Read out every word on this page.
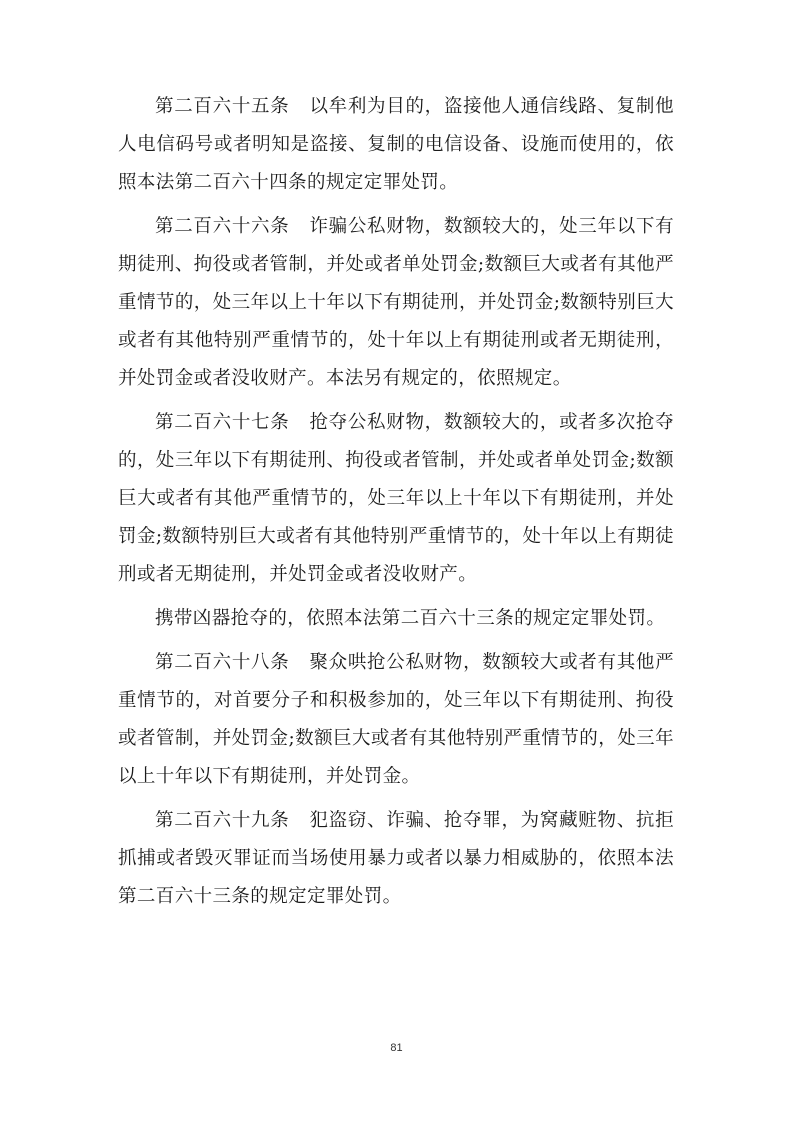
第二百六十五条 以牟利为目的，盗接他人通信线路、复制他人电信码号或者明知是盗接、复制的电信设备、设施而使用的，依照本法第二百六十四条的规定定罪处罚。

第二百六十六条 诈骗公私财物，数额较大的，处三年以下有期徒刑、拘役或者管制，并处或者单处罚金;数额巨大或者有其他严重情节的，处三年以上十年以下有期徒刑，并处罚金;数额特别巨大或者有其他特别严重情节的，处十年以上有期徒刑或者无期徒刑，并处罚金或者没收财产。本法另有规定的，依照规定。

第二百六十七条 抢夺公私财物，数额较大的，或者多次抢夺的，处三年以下有期徒刑、拘役或者管制，并处或者单处罚金;数额巨大或者有其他严重情节的，处三年以上十年以下有期徒刑，并处罚金;数额特别巨大或者有其他特别严重情节的，处十年以上有期徒刑或者无期徒刑，并处罚金或者没收财产。

携带凶器抢夺的，依照本法第二百六十三条的规定定罪处罚。

第二百六十八条 聚众哄抢公私财物，数额较大或者有其他严重情节的，对首要分子和积极参加的，处三年以下有期徒刑、拘役或者管制，并处罚金;数额巨大或者有其他特别严重情节的，处三年以上十年以下有期徒刑，并处罚金。

第二百六十九条 犯盗窃、诈骗、抢夺罪，为窝藏赃物、抗拒抓捕或者毁灭罪证而当场使用暴力或者以暴力相威胁的，依照本法第二百六十三条的规定定罪处罚。

81
